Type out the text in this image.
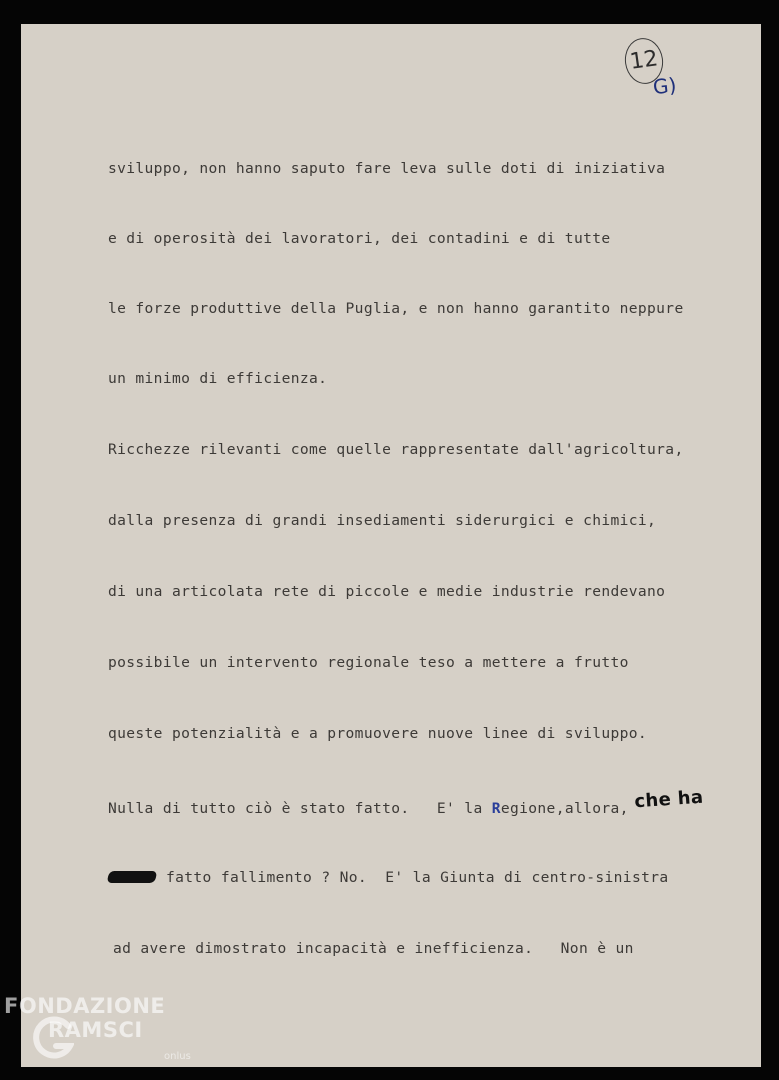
12
G)
sviluppo, non hanno saputo fare leva sulle doti di iniziativa
e di operosità dei lavoratori, dei contadini e di tutte
le forze produttive della Puglia, e non hanno garantito neppure
un minimo di efficienza.
Ricchezze rilevanti come quelle rappresentate dall'agricoltura,
dalla presenza di grandi insediamenti siderurgici e chimici,
di una articolata rete di piccole e medie industrie rendevano
possibile un intervento regionale teso a mettere a frutto
queste potenzialità e a promuovere nuove linee di sviluppo.
Nulla di tutto ciò è stato fatto.   E' la Regione,allora, che ha
fatto fallimento ? No.  E' la Giunta di centro-sinistra
ad avere dimostrato incapacità e inefficienza.   Non è un
FONDAZIONE
RAMSCI
onlus
